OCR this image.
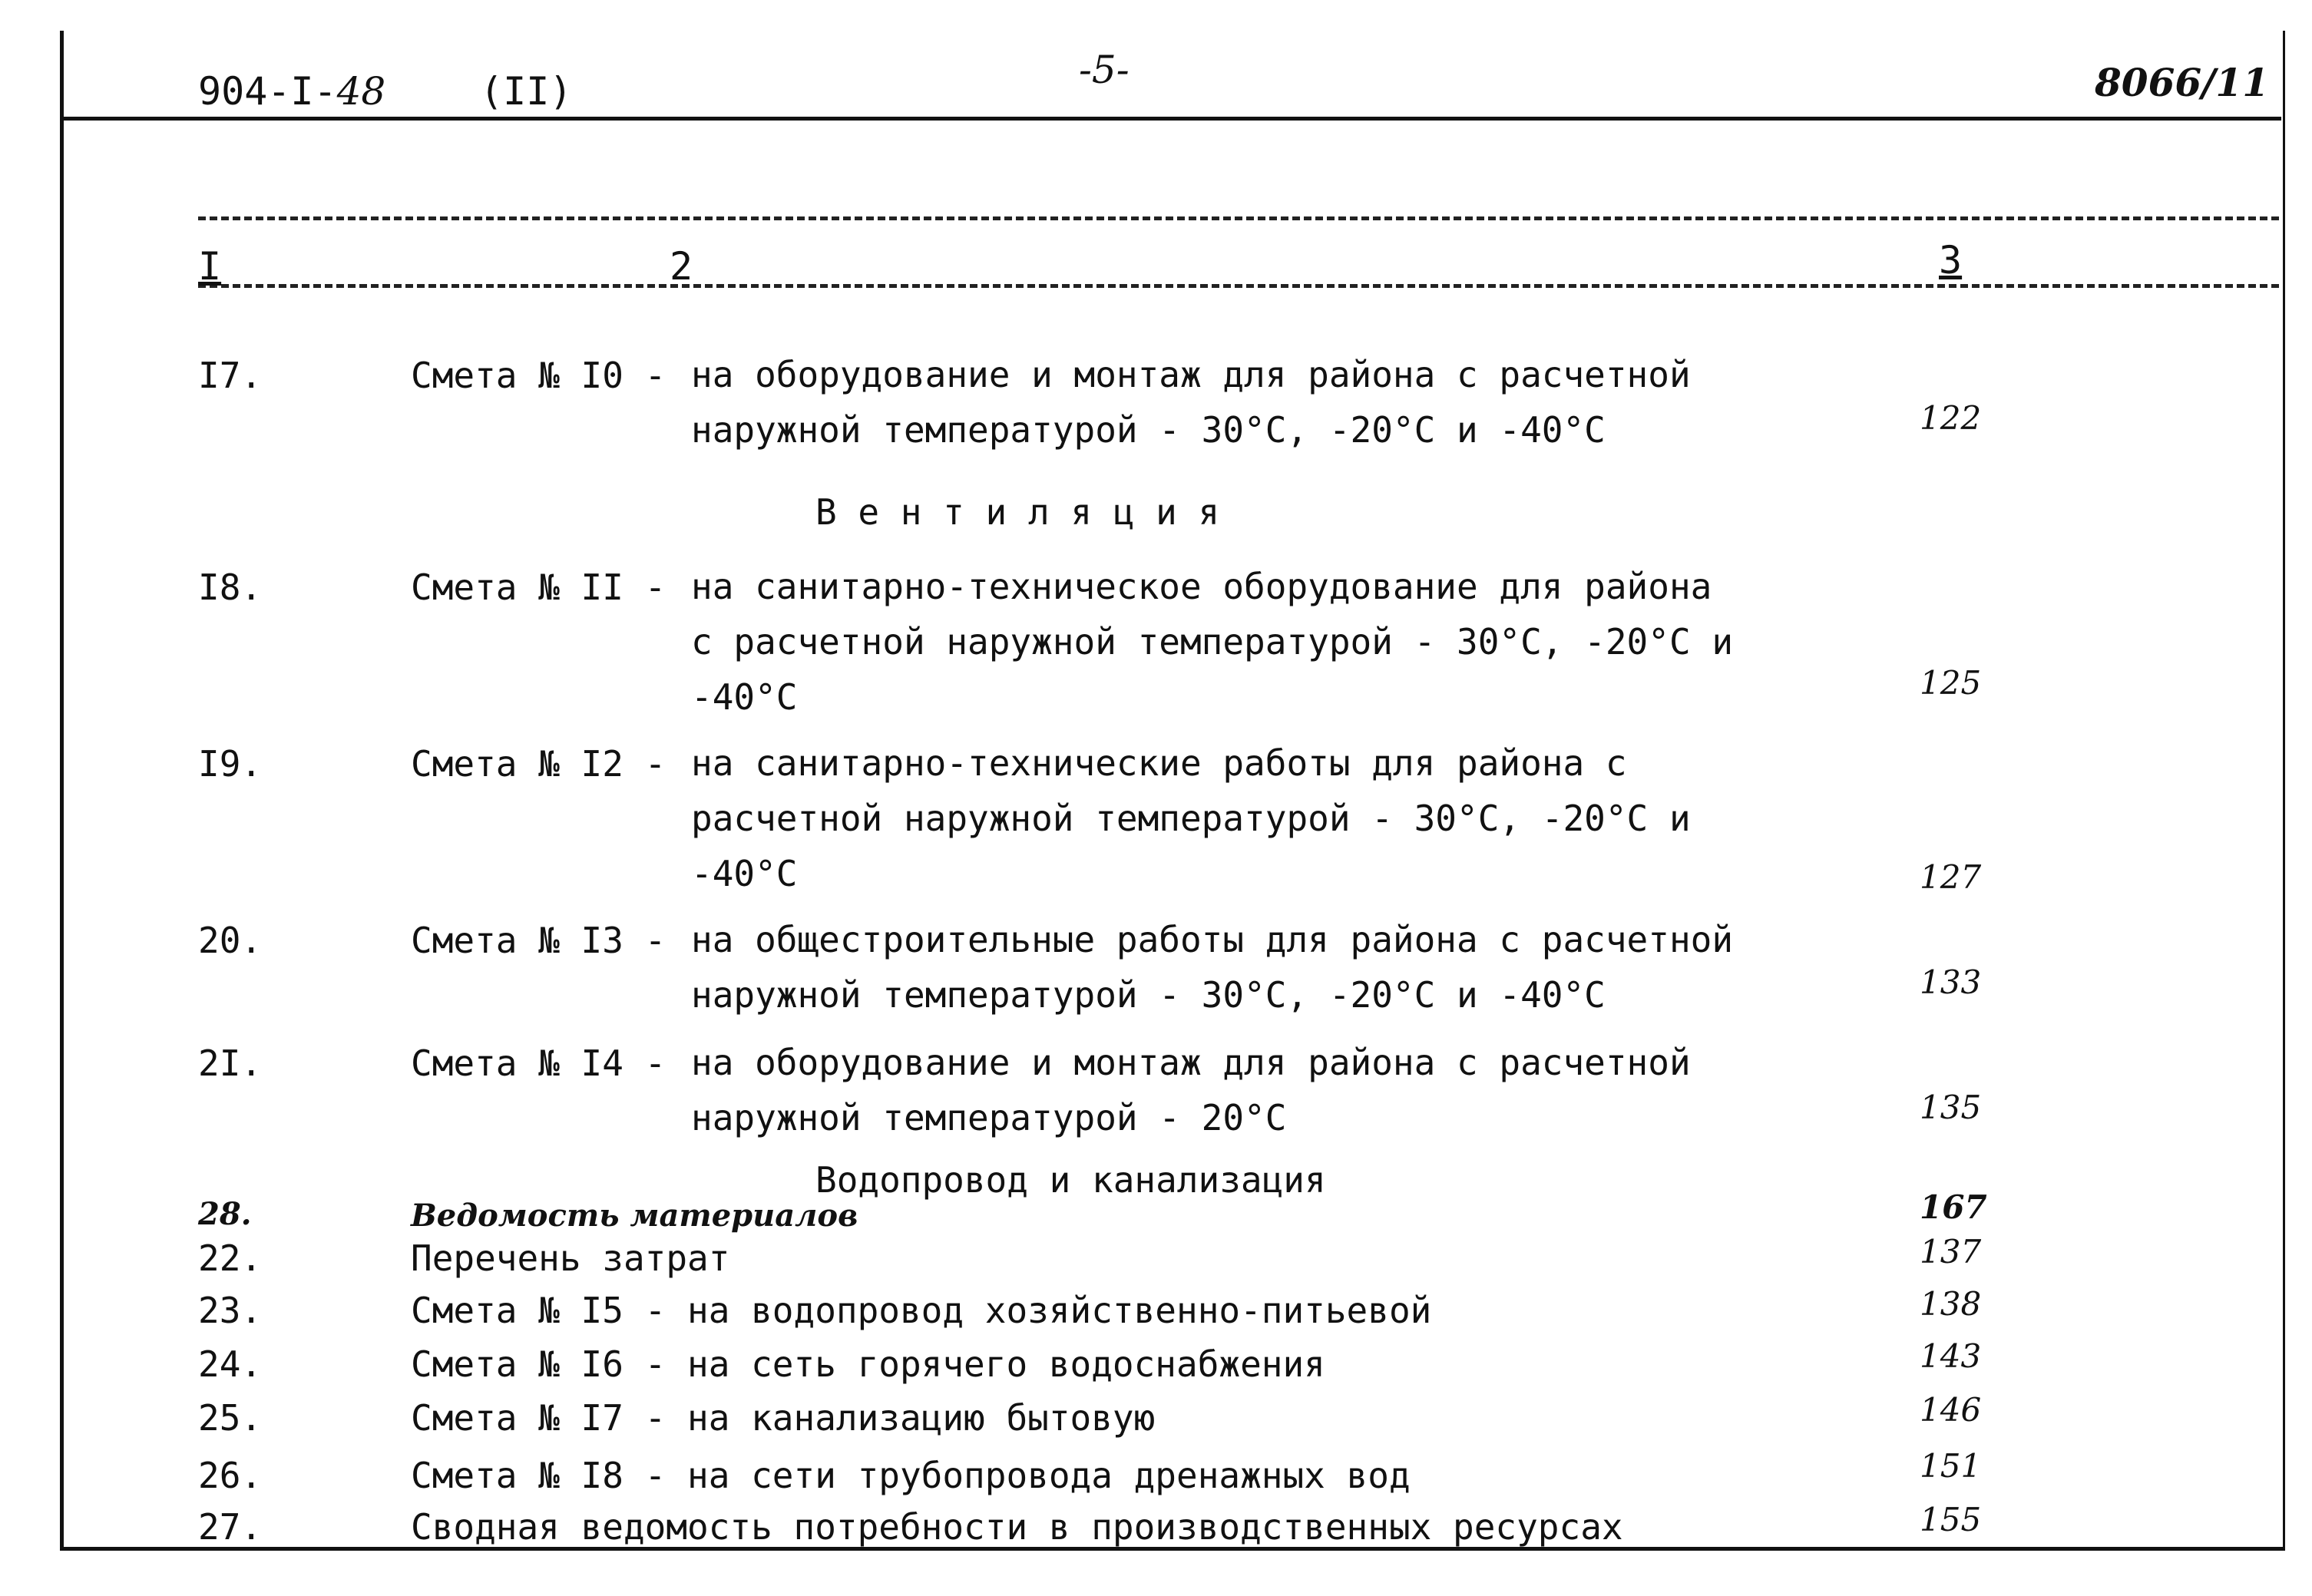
904-I-48 (II)	-5-	8066/11
I	2	3
I7.	Смета № I0 - на оборудование и монтаж для района с расчетной
наружной температурой - 30°C, -20°C и -40°C	122
В е н т и л я ц и я
I8.	Смета № II - на санитарно-техническое оборудование для района
с расчетной наружной температурой - 30°C, -20°C и
-40°C	125
I9.	Смета № I2 - на санитарно-технические работы для района с
расчетной наружной температурой - 30°C, -20°C и
-40°C	127
20.	Смета № I3 - на общестроительные работы для района с расчетной
наружной температурой - 30°C, -20°C и -40°C	133
2I.	Смета № I4 - на оборудование и монтаж для района с расчетной
наружной температурой - 20°C	135
Водопровод и канализация
28.	Ведомость материалов	167
22.	Перечень затрат	137
23.	Смета № I5 - на водопровод хозяйственно-питьевой	138
24.	Смета № I6 - на сеть горячего водоснабжения	143
25.	Смета № I7 - на канализацию бытовую	146
26.	Смета № I8 - на сети трубопровода дренажных вод	151
27.	Сводная ведомость потребности в производственных ресурсах	155
